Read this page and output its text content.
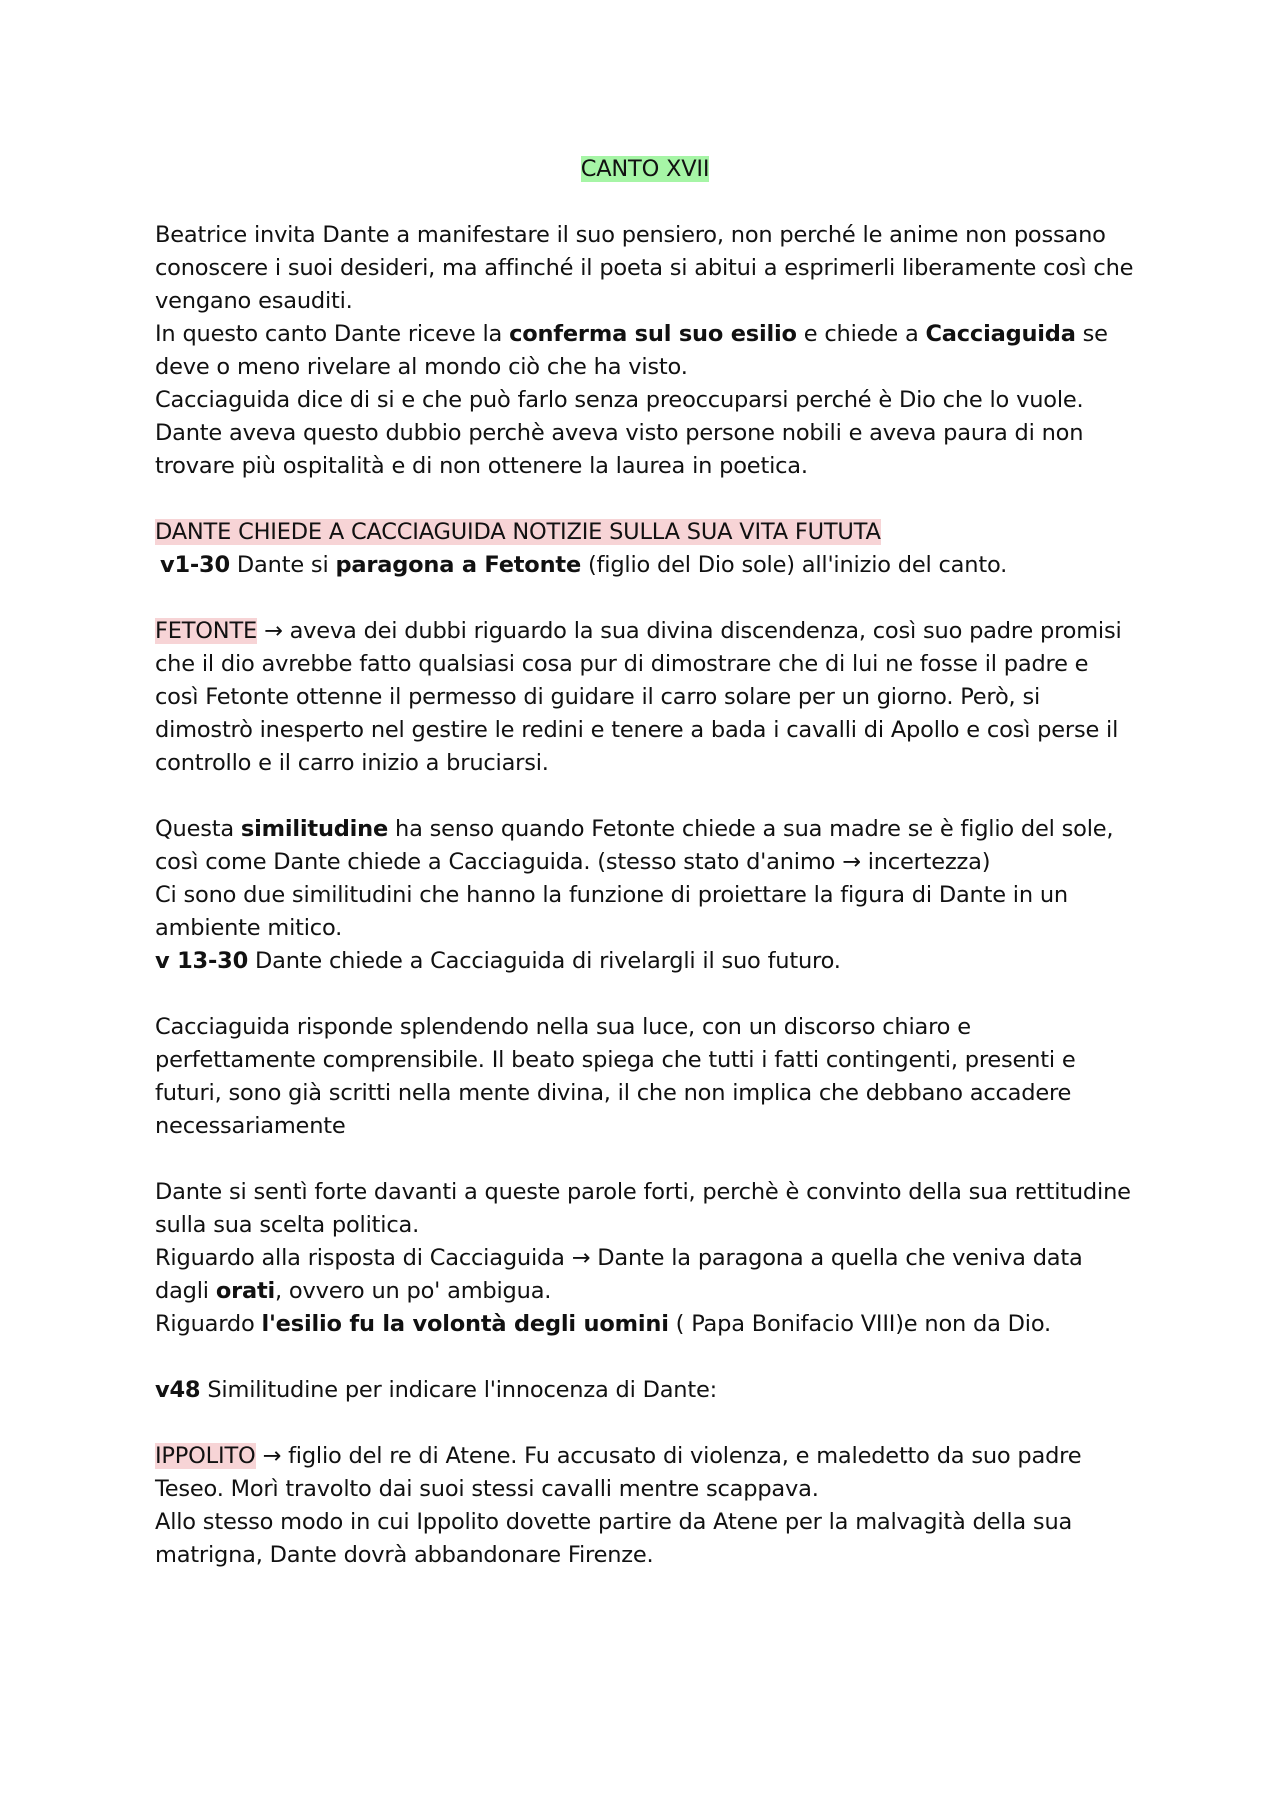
CANTO XVII

Beatrice invita Dante a manifestare il suo pensiero, non perché le anime non possano conoscere i suoi desideri, ma affinché il poeta si abitui a esprimerli liberamente così che vengano esauditi.

In questo canto Dante riceve la conferma sul suo esilio e chiede a Cacciaguida se deve o meno rivelare al mondo ciò che ha visto.

Cacciaguida dice di si e che può farlo senza preoccuparsi perché è Dio che lo vuole.

Dante aveva questo dubbio perchè aveva visto persone nobili e aveva paura di non trovare più ospitalità e di non ottenere la laurea in poetica.

DANTE CHIEDE A CACCIAGUIDA NOTIZIE SULLA SUA VITA FUTUTA

v1-30 Dante si paragona a Fetonte (figlio del Dio sole) all'inizio del canto.

FETONTE → aveva dei dubbi riguardo la sua divina discendenza, così suo padre promisi che il dio avrebbe fatto qualsiasi cosa pur di dimostrare che di lui ne fosse il padre e così Fetonte ottenne il permesso di guidare il carro solare per un giorno. Però, si dimostrò inesperto nel gestire le redini e tenere a bada i cavalli di Apollo e così perse il controllo e il carro inizio a bruciarsi.

Questa similitudine ha senso quando Fetonte chiede a sua madre se è figlio del sole, così come Dante chiede a Cacciaguida. (stesso stato d'animo → incertezza)

Ci sono due similitudini che hanno la funzione di proiettare la figura di Dante in un ambiente mitico.

v 13-30 Dante chiede a Cacciaguida di rivelargli il suo futuro.

Cacciaguida risponde splendendo nella sua luce, con un discorso chiaro e perfettamente comprensibile. Il beato spiega che tutti i fatti contingenti, presenti e futuri, sono già scritti nella mente divina, il che non implica che debbano accadere necessariamente

Dante si sentì forte davanti a queste parole forti, perchè è convinto della sua rettitudine sulla sua scelta politica.

Riguardo alla risposta di Cacciaguida → Dante la paragona a quella che veniva data dagli orati, ovvero un po' ambigua.

Riguardo l'esilio fu la volontà degli uomini ( Papa Bonifacio VIII)e non da Dio.

v48 Similitudine per indicare l'innocenza di Dante:

IPPOLITO → figlio del re di Atene. Fu accusato di violenza, e maledetto da suo padre Teseo. Morì travolto dai suoi stessi cavalli mentre scappava.

Allo stesso modo in cui Ippolito dovette partire da Atene per la malvagità della sua matrigna, Dante dovrà abbandonare Firenze.
